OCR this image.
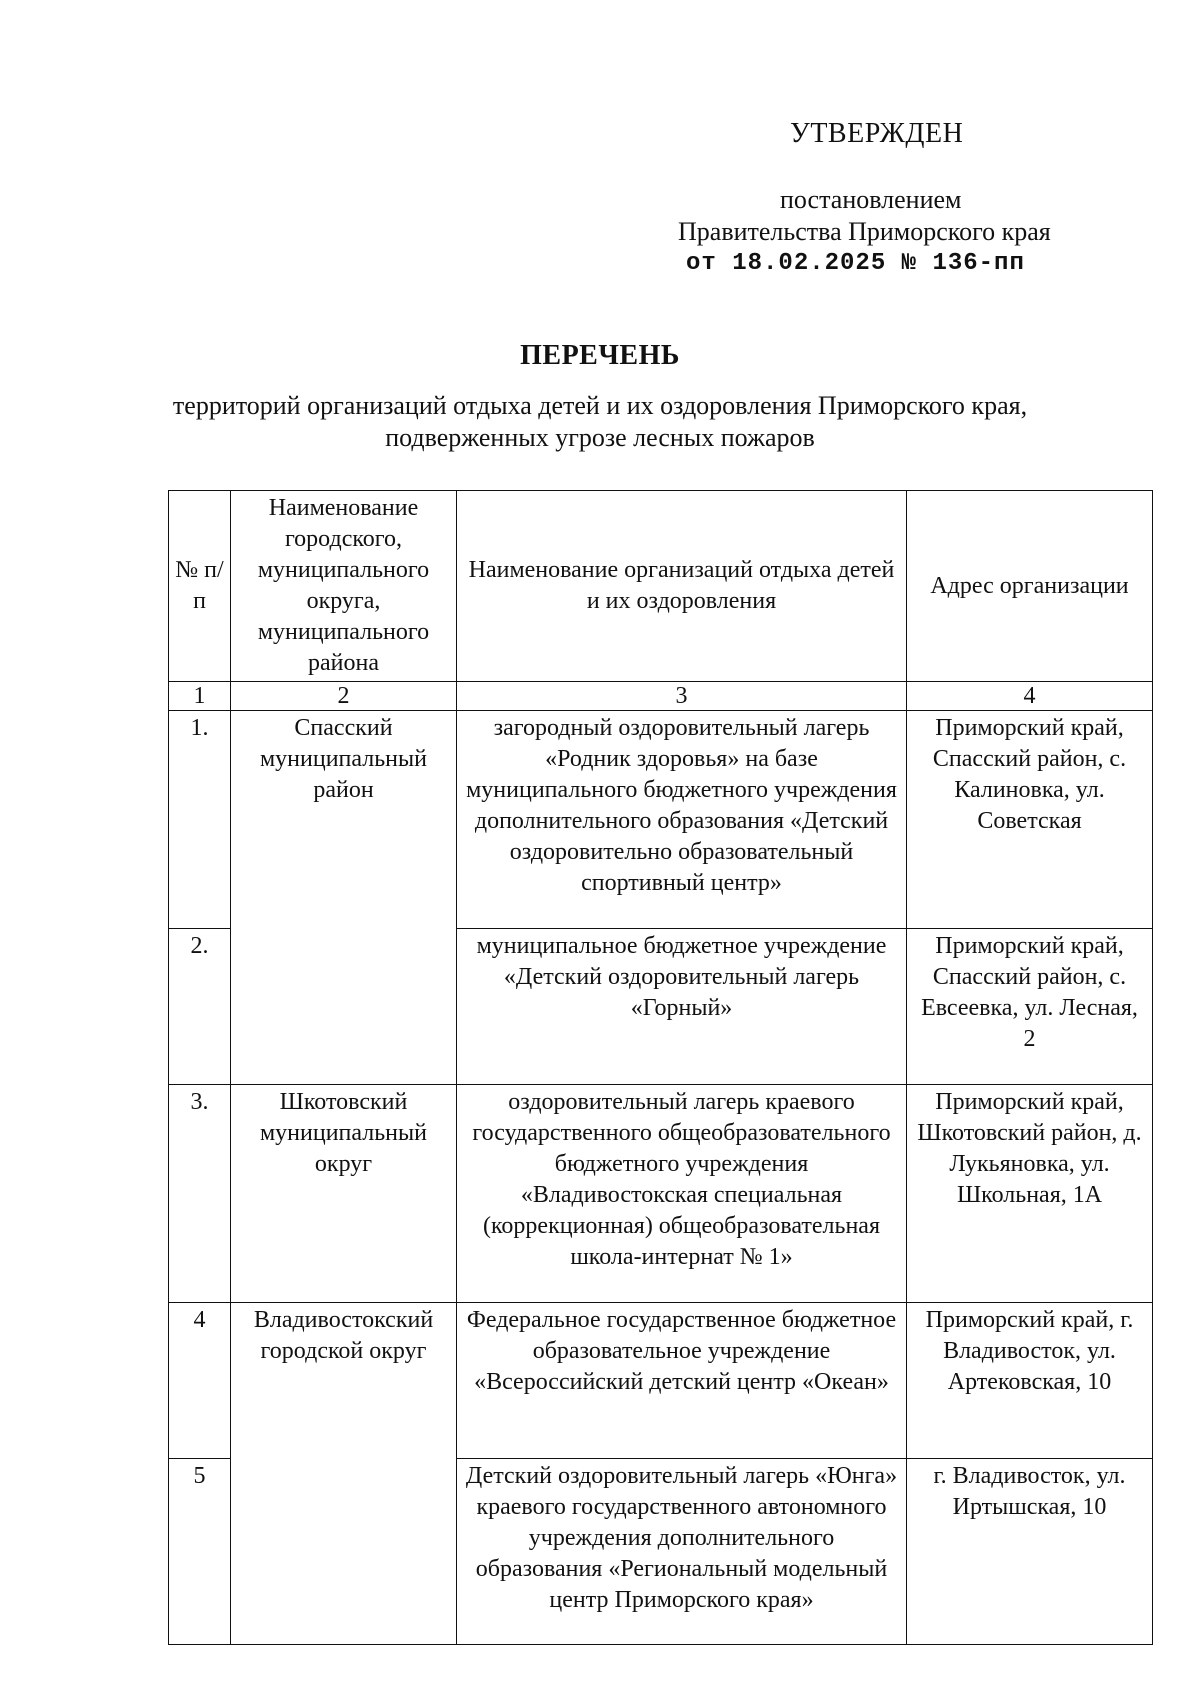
УТВЕРЖДЕН
постановлением
Правительства Приморского края
от 18.02.2025 № 136-пп
ПЕРЕЧЕНЬ
территорий организаций отдыха детей и их оздоровления Приморского края,
подверженных угрозе лесных пожаров
№ п/п	Наименование городского, муниципального округа, муниципального района	Наименование организаций отдыха детей и их оздоровления	Адрес организации
1	2	3	4
1.	Спасский муниципальный район	загородный оздоровительный лагерь «Родник здоровья» на базе муниципального бюджетного учреждения дополнительного образования «Детский оздоровительно образовательный спортивный центр»	Приморский край, Спасский район, с. Калиновка, ул. Советская
2.		муниципальное бюджетное учреждение «Детский оздоровительный лагерь «Горный»	Приморский край, Спасский район, с. Евсеевка, ул. Лесная, 2
3.	Шкотовский муниципальный округ	оздоровительный лагерь краевого государственного общеобразовательного бюджетного учреждения «Владивостокская специальная (коррекционная) общеобразовательная школа-интернат № 1»	Приморский край, Шкотовский район, д. Лукьяновка, ул. Школьная, 1А
4	Владивостокский городской округ	Федеральное государственное бюджетное образовательное учреждение «Всероссийский детский центр «Океан»	Приморский край, г. Владивосток, ул. Артековская, 10
5		Детский оздоровительный лагерь «Юнга» краевого государственного автономного учреждения дополнительного образования «Региональный модельный центр Приморского края»	г. Владивосток, ул. Иртышская, 10
